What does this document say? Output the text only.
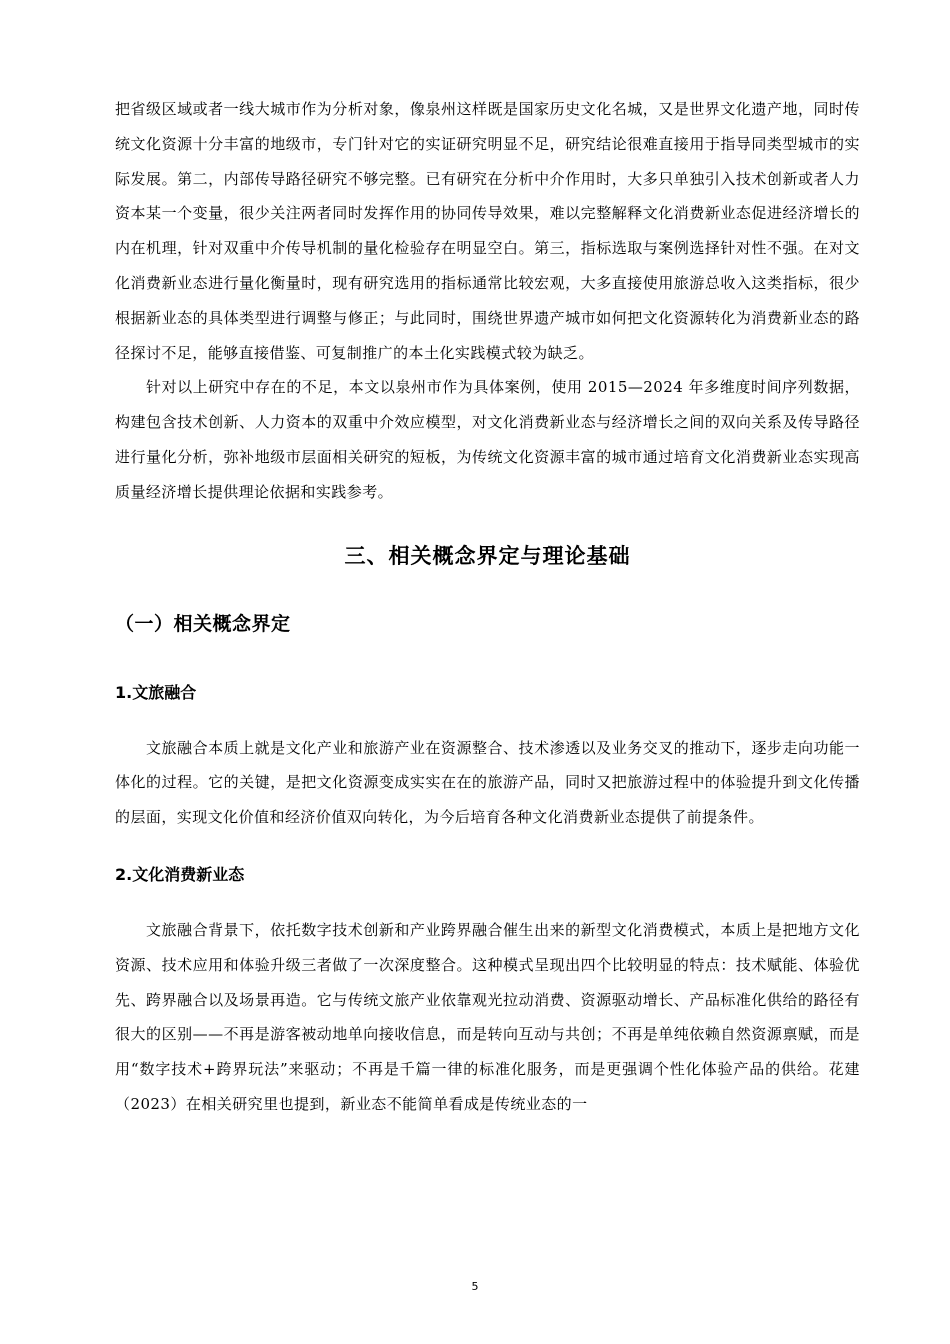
把省级区域或者一线大城市作为分析对象，像泉州这样既是国家历史文化名城，又是世界文化遗产地，同时传统文化资源十分丰富的地级市，专门针对它的实证研究明显不足，研究结论很难直接用于指导同类型城市的实际发展。第二，内部传导路径研究不够完整。已有研究在分析中介作用时，大多只单独引入技术创新或者人力资本某一个变量，很少关注两者同时发挥作用的协同传导效果，难以完整解释文化消费新业态促进经济增长的内在机理，针对双重中介传导机制的量化检验存在明显空白。第三，指标选取与案例选择针对性不强。在对文化消费新业态进行量化衡量时，现有研究选用的指标通常比较宏观，大多直接使用旅游总收入这类指标，很少根据新业态的具体类型进行调整与修正；与此同时，围绕世界遗产城市如何把文化资源转化为消费新业态的路径探讨不足，能够直接借鉴、可复制推广的本土化实践模式较为缺乏。

针对以上研究中存在的不足，本文以泉州市作为具体案例，使用 2015—2024 年多维度时间序列数据，构建包含技术创新、人力资本的双重中介效应模型，对文化消费新业态与经济增长之间的双向关系及传导路径进行量化分析，弥补地级市层面相关研究的短板，为传统文化资源丰富的城市通过培育文化消费新业态实现高质量经济增长提供理论依据和实践参考。

三、相关概念界定与理论基础
（一）相关概念界定
1.文旅融合

文旅融合本质上就是文化产业和旅游产业在资源整合、技术渗透以及业务交叉的推动下，逐步走向功能一体化的过程。它的关键，是把文化资源变成实实在在的旅游产品，同时又把旅游过程中的体验提升到文化传播的层面，实现文化价值和经济价值双向转化，为今后培育各种文化消费新业态提供了前提条件。

2.文化消费新业态

文旅融合背景下，依托数字技术创新和产业跨界融合催生出来的新型文化消费模式，本质上是把地方文化资源、技术应用和体验升级三者做了一次深度整合。这种模式呈现出四个比较明显的特点：技术赋能、体验优先、跨界融合以及场景再造。它与传统文旅产业依靠观光拉动消费、资源驱动增长、产品标准化供给的路径有很大的区别——不再是游客被动地单向接收信息，而是转向互动与共创；不再是单纯依赖自然资源禀赋，而是用“数字技术+跨界玩法”来驱动；不再是千篇一律的标准化服务，而是更强调个性化体验产品的供给。花建（2023）在相关研究里也提到，新业态不能简单看成是传统业态的一

5
